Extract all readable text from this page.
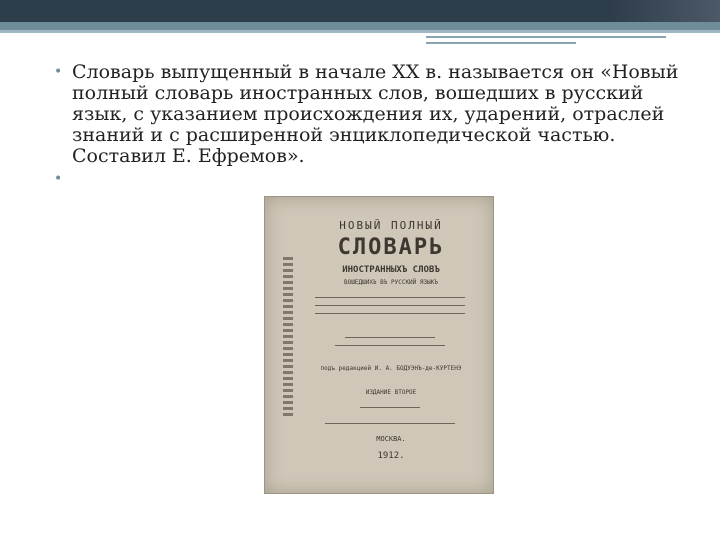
• Словарь выпущенный в начале XX в. называется он «Новый полный словарь иностранных слов, вошедших в русский язык, с указанием происхождения их, ударений, отраслей знаний и с расширенной энциклопедической частью. Составил Е. Ефремов».
•
НОВЫЙ ПОЛНЫЙ
СЛОВАРЬ
ИНОСТРАННЫХЪ СЛОВЪ
ВОШЕДШИХЪ ВЪ РУССКИЙ ЯЗЫКЪ
подъ редакцией И. А. БОДУЭНЪ-де-КУРТЕНЭ
ИЗДАНИЕ ВТОРОЕ
МОСКВА.
1912.
